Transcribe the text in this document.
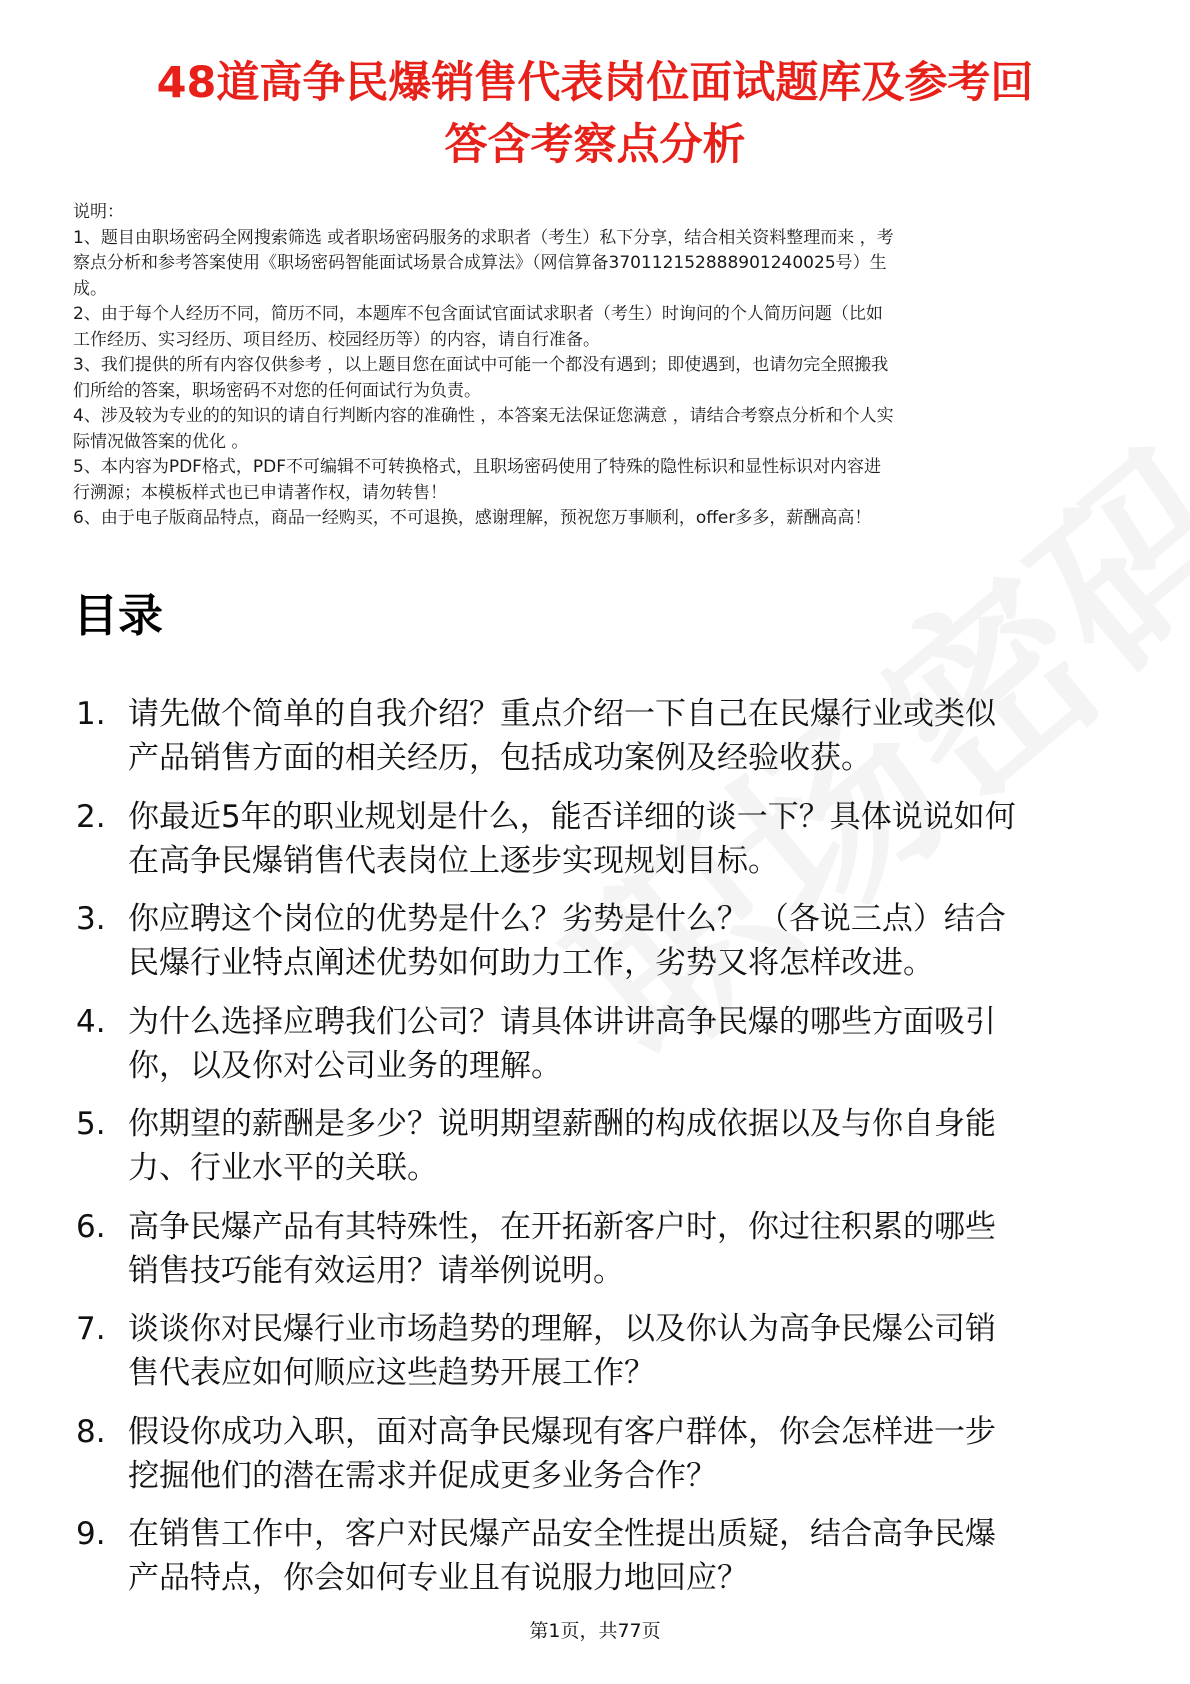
48道高争民爆销售代表岗位面试题库及参考回
答含考察点分析

说明：

1、题目由职场密码全网搜索筛选 或者职场密码服务的求职者（考生）私下分享，结合相关资料整理而来 ，考

察点分析和参考答案使用《职场密码智能面试场景合成算法》（网信算备370112152888901240025号）生

成。

2、由于每个人经历不同，简历不同，本题库不包含面试官面试求职者（考生）时询问的个人简历问题（比如

工作经历、实习经历、项目经历、校园经历等）的内容，请自行准备。

3、我们提供的所有内容仅供参考 ，以上题目您在面试中可能一个都没有遇到；即使遇到，也请勿完全照搬我

们所给的答案，职场密码不对您的任何面试行为负责。

4、涉及较为专业的的知识的请自行判断内容的准确性 ，本答案无法保证您满意 ，请结合考察点分析和个人实

际情况做答案的优化 。

5、本内容为PDF格式，PDF不可编辑不可转换格式，且职场密码使用了特殊的隐性标识和显性标识对内容进

行溯源；本模板样式也已申请著作权，请勿转售！

6、由于电子版商品特点，商品一经购买，不可退换，感谢理解，预祝您万事顺利，offer多多，薪酬高高！

目录
1. 请先做个简单的自我介绍？重点介绍一下自己在民爆行业或类似
产品销售方面的相关经历，包括成功案例及经验收获。
2. 你最近5年的职业规划是什么，能否详细的谈一下？具体说说如何
在高争民爆销售代表岗位上逐步实现规划目标。
3. 你应聘这个岗位的优势是什么？劣势是什么？ （各说三点）结合
民爆行业特点阐述优势如何助力工作，劣势又将怎样改进。
4. 为什么选择应聘我们公司？请具体讲讲高争民爆的哪些方面吸引
你，以及你对公司业务的理解。
5. 你期望的薪酬是多少？说明期望薪酬的构成依据以及与你自身能
力、行业水平的关联。
6. 高争民爆产品有其特殊性，在开拓新客户时，你过往积累的哪些
销售技巧能有效运用？请举例说明。
7. 谈谈你对民爆行业市场趋势的理解，以及你认为高争民爆公司销
售代表应如何顺应这些趋势开展工作？
8. 假设你成功入职，面对高争民爆现有客户群体，你会怎样进一步
挖掘他们的潜在需求并促成更多业务合作？
9. 在销售工作中，客户对民爆产品安全性提出质疑，结合高争民爆
产品特点，你会如何专业且有说服力地回应？
第1页，共77页
